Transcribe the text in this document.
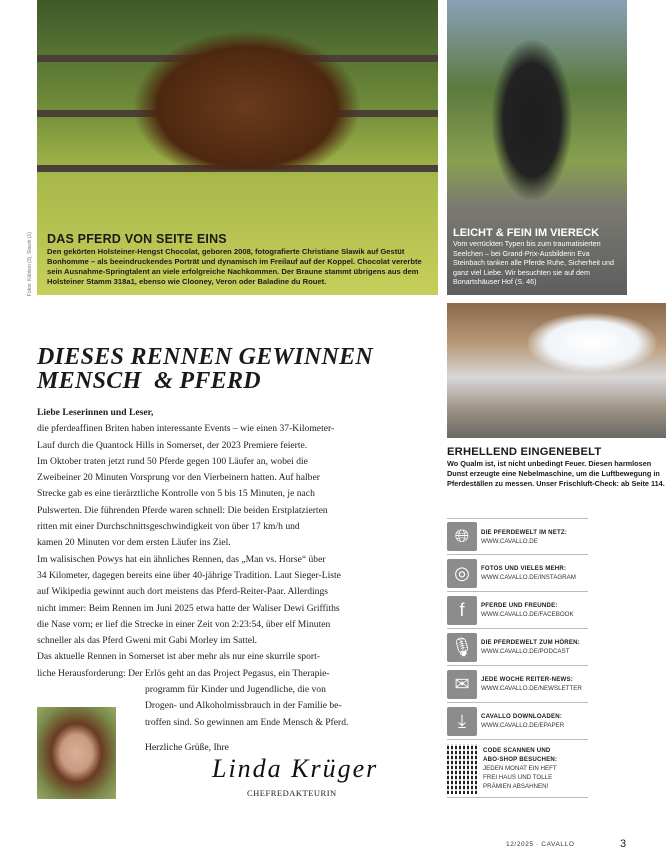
DAS PFERD VON SEITE EINS

Den gekörten Holsteiner-Hengst Chocolat, geboren 2008, fotografierte Christiane Slawik auf Gestüt Bonhomme – als beeindruckendes Porträt und dynamisch im Freilauf auf der Koppel. Chocolat vererbte sein Ausnahme-Springtalent an viele erfolgreiche Nachkommen. Der Braune stammt übrigens aus dem Holsteiner Stamm 318a1, ebenso wie Clooney, Veron oder Baladine du Rouet.

Fotos: Käblein (3), Slawik (1)	LEICHT & FEIN IM VIERECK

Vom verrückten Typen bis zum traumatisierten Seelchen – bei Grand-Prix-Ausbilderin Eva Steinbach tanken alle Pferde Ruhe, Sicherheit und ganz viel Liebe. Wir besuchten sie auf dem Bonartshäuser Hof (S. 46)

ERHELLEND EINGENEBELT

Wo Qualm ist, ist nicht unbedingt Feuer. Diesen harmlosen Dunst erzeugte eine Nebelmaschine, um die Luftbewegung in Pferdeställen zu messen. Unser Frischluft-Check: ab Seite 114.

DIESES RENNEN GEWINNEN
MENSCH  & PFERD
Liebe Leserinnen und Leser,
die pferdeaffinen Briten haben interessante Events – wie einen 37-Kilometer-
Lauf durch die Quantock Hills in Somerset, der 2023 Premiere feierte.
Im Oktober traten jetzt rund 50 Pferde gegen 100 Läufer an, wobei die
Zweibeiner 20 Minuten Vorsprung vor den Vierbeinern hatten. Auf halber
Strecke gab es eine tierärztliche Kontrolle von 5 bis 15 Minuten, je nach
Pulswerten. Die führenden Pferde waren schnell: Die beiden Erstplatzierten
ritten mit einer Durchschnittsgeschwindigkeit von über 17 km/h und
kamen 20 Minuten vor dem ersten Läufer ins Ziel.
Im walisischen Powys hat ein ähnliches Rennen, das „Man vs. Horse“ über
34 Kilometer, dagegen bereits eine über 40-jährige Tradition. Laut Sieger-Liste
auf Wikipedia gewinnt auch dort meistens das Pferd-Reiter-Paar. Allerdings
nicht immer: Beim Rennen im Juni 2025 etwa hatte der Waliser Dewi Griffiths
die Nase vorn; er lief die Strecke in einer Zeit von 2:23:54, über elf Minuten
schneller als das Pferd Gweni mit Gabi Morley im Sattel.
Das aktuelle Rennen in Somerset ist aber mehr als nur eine skurrile sport-
liche Herausforderung: Der Erlös geht an das Project Pegasus, ein Therapie-
programm für Kinder und Jugendliche, die von
Drogen- und Alkoholmissbrauch in der Familie be-
troffen sind. So gewinnen am Ende Mensch & Pferd.
Herzliche Grüße, Ihre
Linda Krüger
CHEFREDAKTEURIN
🌐︎	DIE PFERDEWELT IM NETZ:
WWW.CAVALLO.DE
◎	FOTOS UND VIELES MEHR:
WWW.CAVALLO.DE/INSTAGRAM
f	PFERDE UND FREUNDE:
WWW.CAVALLO.DE/FACEBOOK
🎙︎	DIE PFERDEWELT ZUM HÖREN:
WWW.CAVALLO.DE/PODCAST
✉	JEDE WOCHE REITER-NEWS:
WWW.CAVALLO.DE/NEWSLETTER
⤓	CAVALLO DOWNLOADEN:
WWW.CAVALLO.DE/EPAPER
CODE SCANNEN UND
ABO-SHOP BESUCHEN:
JEDEN MONAT EIN HEFT
FREI HAUS UND TOLLE
PRÄMIEN ABSAHNEN!
12/2025 · CAVALLO	3
